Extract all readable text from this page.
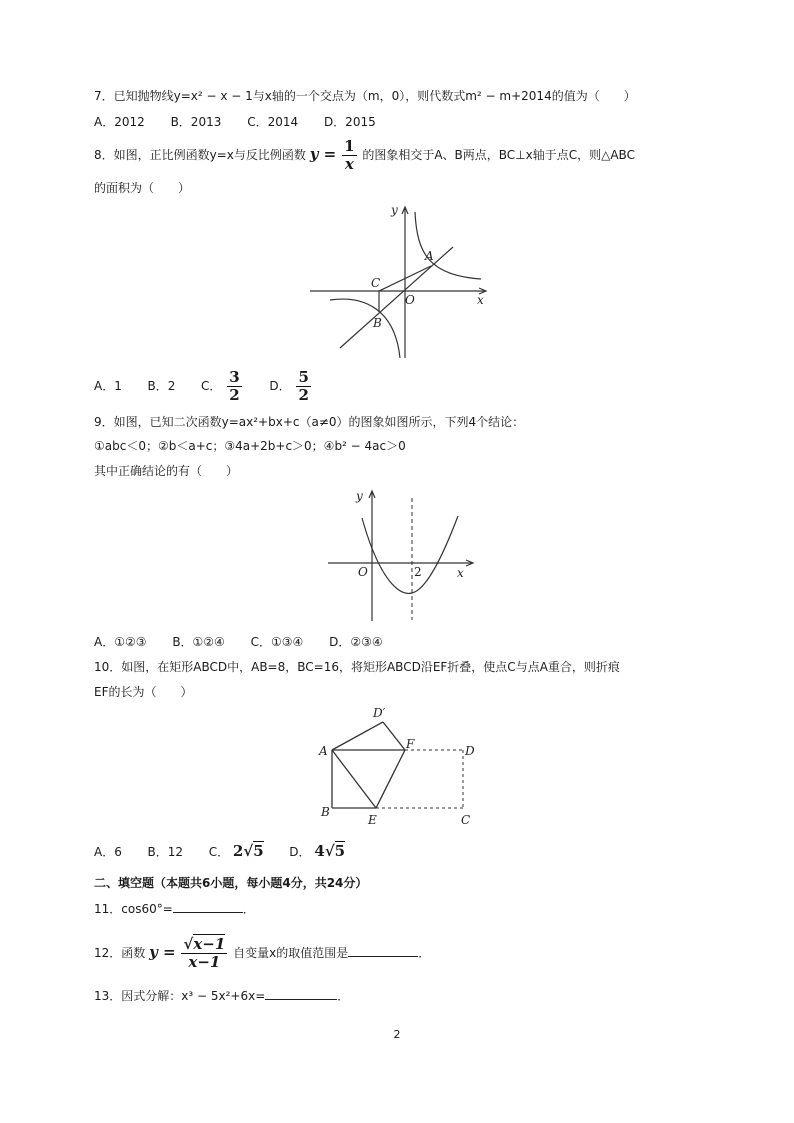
7．已知抛物线y=x² − x − 1与x轴的一个交点为（m，0），则代数式m² − m+2014的值为（　　）
A．2012 B．2013 C．2014 D．2015
8．如图，正比例函数y=x与反比例函数 $y = \frac{1}{x}$ 的图象相交于A、B两点，BC⊥x轴于点C，则△ABC
的面积为（　　）
y
x
A
C
O
B
A．1 B．2 C． $\frac{3}{2}$ D． $\frac{5}{2}$
9．如图，已知二次函数y=ax²+bx+c（a≠0）的图象如图所示，下列4个结论：
①abc＜0；②b＜a+c；③4a+2b+c＞0；④b² − 4ac＞0
其中正确结论的有（　　）
y
x
O	2
A．①②③ B．①②④ C．①③④ D．②③④
10．如图，在矩形ABCD中，AB=8，BC=16，将矩形ABCD沿EF折叠，使点C与点A重合，则折痕
EF的长为（　　）
D′
A	F	D
B
E	C
A．6 B．12 C． 2√5 D． 4√5
二、填空题（本题共6小题，每小题4分，共24分）
11．cos60°=	．
12．函数 $y = \frac{√x-1}{x-1}$ 自变量x的取值范围是	．
13．因式分解：x³ − 5x²+6x=	．
2
